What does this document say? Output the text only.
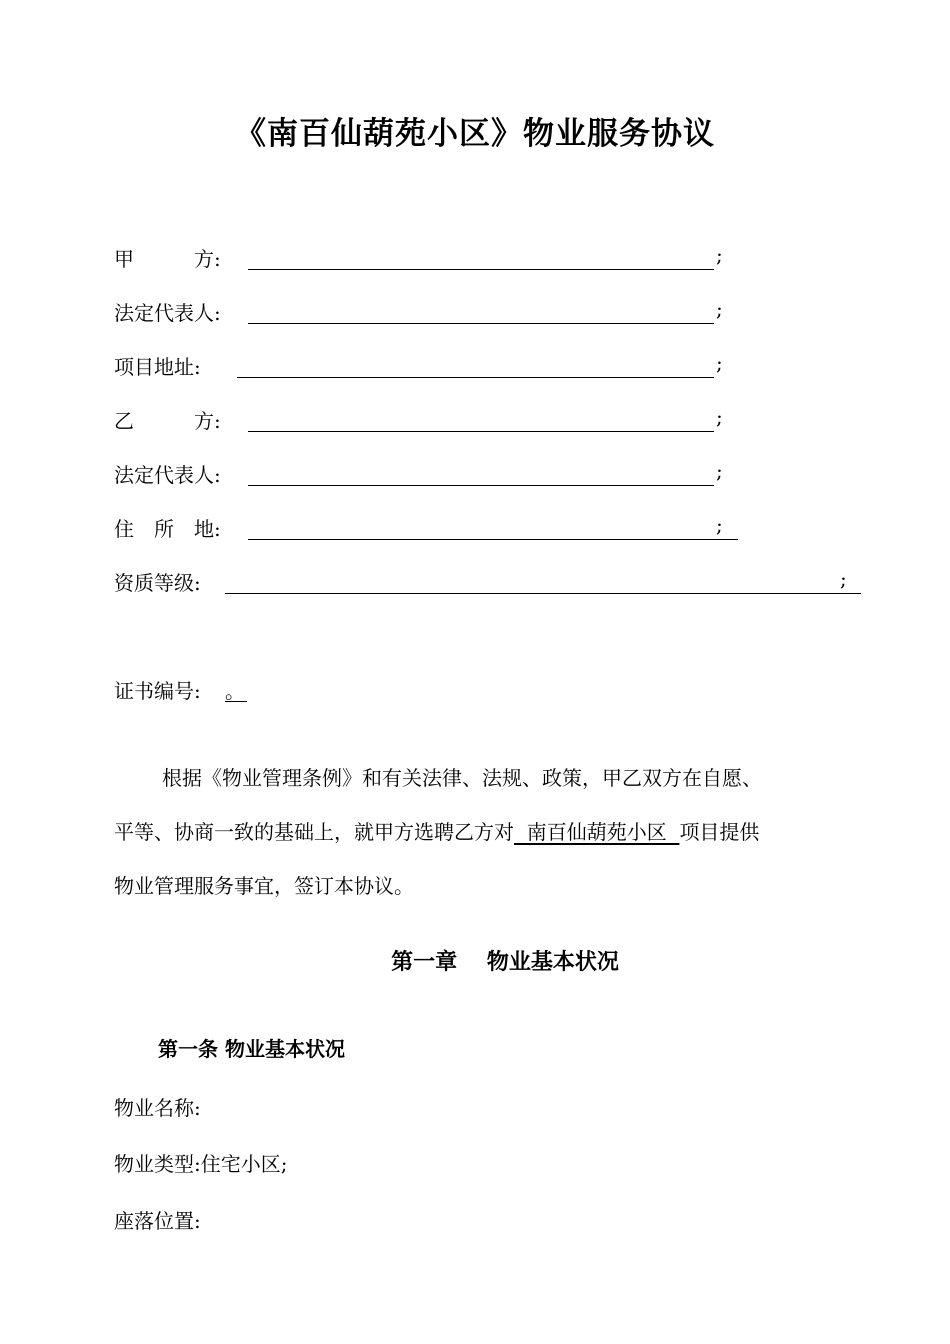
《南百仙葫苑小区》物业服务协议
甲　　　方:	;
法定代表人:	;
项目地址:	;
乙　　　方:	;
法定代表人:	;
住　所　地:	;
资质等级:	;
证书编号: 。
根据《物业管理条例》和有关法律、法规、政策，甲乙双方在自愿、
平等、协商一致的基础上，就甲方选聘乙方对  南百仙葫苑小区  项目提供
物业管理服务事宜，签订本协议。
第一章　 物业基本状况
第一条 物业基本状况
物业名称:
物业类型:住宅小区;
座落位置:
